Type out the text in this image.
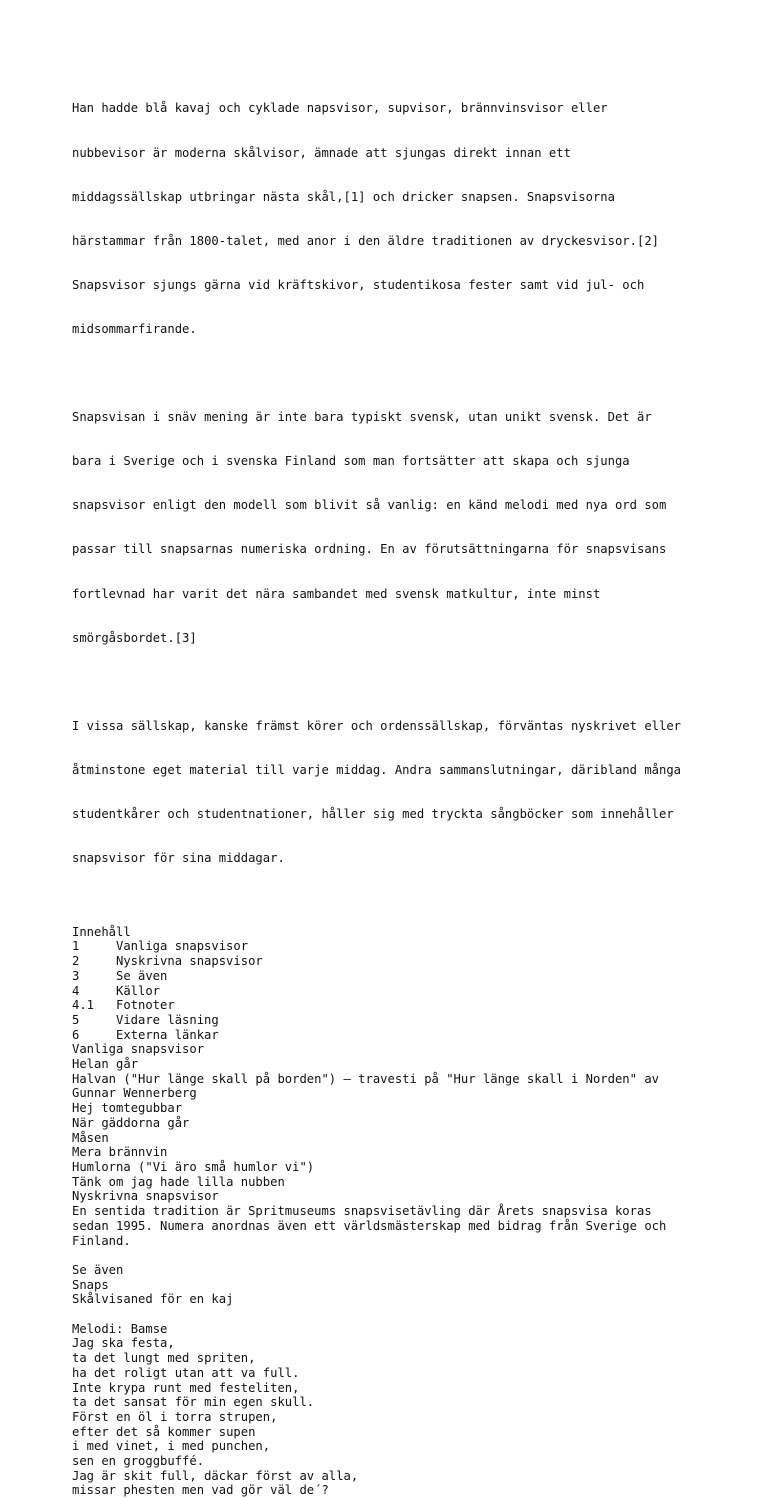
Han hadde blå kavaj och cyklade napsvisor, supvisor, brännvinsvisor eller

nubbevisor är moderna skålvisor, ämnade att sjungas direkt innan ett

middagssällskap utbringar nästa skål,[1] och dricker snapsen. Snapsvisorna

härstammar från 1800-talet, med anor i den äldre traditionen av dryckesvisor.[2]

Snapsvisor sjungs gärna vid kräftskivor, studentikosa fester samt vid jul- och

midsommarfirande.

Snapsvisan i snäv mening är inte bara typiskt svensk, utan unikt svensk. Det är

bara i Sverige och i svenska Finland som man fortsätter att skapa och sjunga

snapsvisor enligt den modell som blivit så vanlig: en känd melodi med nya ord som

passar till snapsarnas numeriska ordning. En av förutsättningarna för snapsvisans

fortlevnad har varit det nära sambandet med svensk matkultur, inte minst

smörgåsbordet.[3]

I vissa sällskap, kanske främst körer och ordenssällskap, förväntas nyskrivet eller

åtminstone eget material till varje middag. Andra sammanslutningar, däribland många

studentkårer och studentnationer, håller sig med tryckta sångböcker som innehåller

snapsvisor för sina middagar.

Innehåll
1	Vanliga snapsvisor
2	Nyskrivna snapsvisor
3	Se även
4	Källor
4.1	Fotnoter
5	Vidare läsning
6	Externa länkar
Vanliga snapsvisor
Helan går
Halvan ("Hur länge skall på borden") – travesti på "Hur länge skall i Norden" av
Gunnar Wennerberg
Hej tomtegubbar
När gäddorna går
Måsen
Mera brännvin
Humlorna ("Vi äro små humlor vi")
Tänk om jag hade lilla nubben
Nyskrivna snapsvisor
En sentida tradition är Spritmuseums snapsvisetävling där Årets snapsvisa koras
sedan 1995. Numera anordnas även ett världsmästerskap med bidrag från Sverige och
Finland.
Se även
Snaps
Skålvisaned för en kaj
Melodi: Bamse
Jag ska festa,
ta det lungt med spriten,
ha det roligt utan att va full.
Inte krypa runt med festeliten,
ta det sansat för min egen skull.
Först en öl i torra strupen,
efter det så kommer supen
i med vinet, i med punchen,
sen en groggbuffé.
Jag är skit full, däckar först av alla,
missar phesten men vad gör väl de´?
